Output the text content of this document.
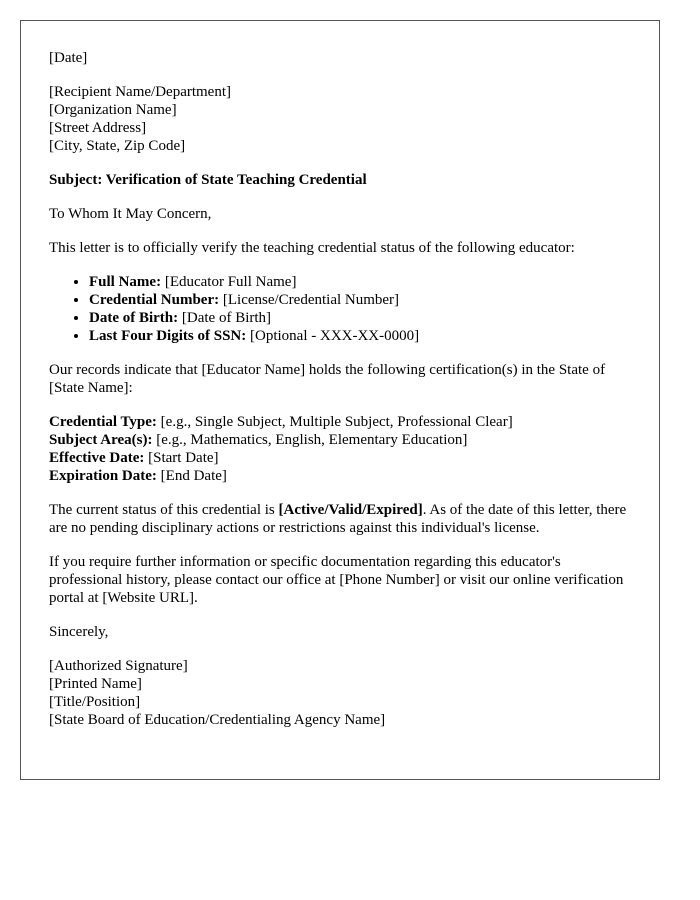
[Date]

[Recipient Name/Department]
[Organization Name]
[Street Address]
[City, State, Zip Code]

Subject: Verification of State Teaching Credential

To Whom It May Concern,

This letter is to officially verify the teaching credential status of the following educator:

• Full Name: [Educator Full Name]
• Credential Number: [License/Credential Number]
• Date of Birth: [Date of Birth]
• Last Four Digits of SSN: [Optional - XXX-XX-0000]

Our records indicate that [Educator Name] holds the following certification(s) in the State of [State Name]:

Credential Type: [e.g., Single Subject, Multiple Subject, Professional Clear]
Subject Area(s): [e.g., Mathematics, English, Elementary Education]
Effective Date: [Start Date]
Expiration Date: [End Date]

The current status of this credential is [Active/Valid/Expired]. As of the date of this letter, there are no pending disciplinary actions or restrictions against this individual's license.

If you require further information or specific documentation regarding this educator's professional history, please contact our office at [Phone Number] or visit our online verification portal at [Website URL].

Sincerely,

[Authorized Signature]
[Printed Name]
[Title/Position]
[State Board of Education/Credentialing Agency Name]
